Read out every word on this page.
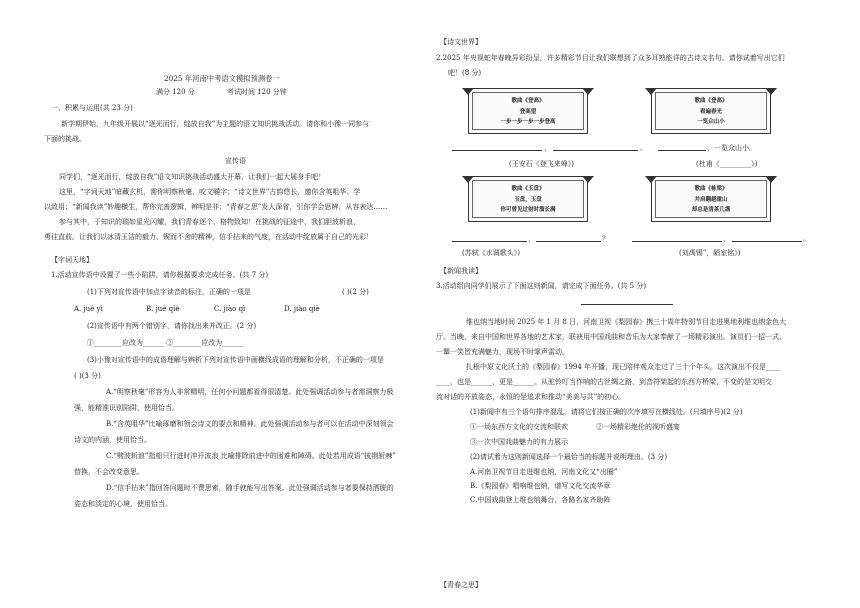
2025 年河南中考语文模拟预测卷一
满分 120 分	考试时间 120 分钟
一、积累与运用(共 23 分)
新学期伊始，九年级开展以“逐光而行，绽放自我”为主题的语文知识挑战活动。请你和小豫一同参与
下面的挑战。
宣传语
同学们，“逐光而行，绽放自我”语文知识挑战活动盛大开幕，让我们一起大展身手吧！
这里，“字词天地”暗藏玄机，需你明察秋毫、咬文嚼字；“诗文世界”古韵悠长，邀你含英咀华、学
以致用；“新闻我读”妙趣横生，帮你完善逻辑，辨明是非；“青春之思”发人深省，引你学会思辨，从容表达……
参与其中，于知识的瑞如星光闪耀，我们青春逐个、格物致知！在挑战的征途中，我们胆波斩浪，
勇往直前。让我们以冰清玉洁的毅力、锲而不舍的精神，信手拈来的气度，在活动中绽放属于自己的光彩！
【字词天地】
1.活动宣传语中设置了一些小陷阱，请你根据要求完成任务。(共 7 分)
(1)下列对宣传语中加点字读音的标注，正确的一项是	( )(2 分)
A. jué yì	B. jué qiè	C. jiào qì	D. jiào qiè
(2)宣传语中有两个错别字，请你找出来并改正。(2 分)
①________应改为______ ②________应改为______
(3)小豫对宣传语中的成语理解与辨析下列对宣传语中画横线成语的理解和分析，不正确的一项是
( )(3 分)
A.“明察秋毫”形容为人非常精明，任何小问题都看得很清楚。此处强调活动参与者需洞察力极
强，能精准识别陷阱，使用恰当。
B.“含英咀华”比喻琢磨和领会诗文的要点和精神。此处强调活动参与者可以在活动中深刻领会
诗文的内涵，使用恰当。
C.“劈波斩浪”指船只行进时冲开波浪 比喻排除前进中的困难和障碍。此处若用成语“披荆斩棘”
替换，不会改变意思。
D.“信手拈来”指回答问题时不费思索，随手就能写出答案。此处强调活动参与者要保持洒脱的
姿态和淡定的心境，使用恰当。
【诗文世界】
2.2025 年央视蛇年春晚异彩纷呈，许多精彩节目让我们联想到了众多耳熟能详的古诗文名句。请你试着写出它们
吧！(8 分)
歌曲《登高》
登高望
一步一步一步一步登高
歌曲《登高》
看遍春光
一览众山小
，	。	，一览众山小。
(王安石《登飞来峰》)	(杜甫《_________》)
歌曲《玉盘》
玉盘，玉盘
你可曾见过射时溜长满
歌曲《栋梁》
并肩翻越重山
却总是清茶几盏
，	？	，	。
(苏轼《水调歌头》)	(刘禹锡”，陋室铭》)
【新闻我读】
3.活动组向同学们展示了下面这则新闻，请完成下面任务。(共 5 分)
维也纳当地时间 2025 年 1 月 8 日，河南卫视《梨园春》携三十周年特别节目走进奥地利维也纳金色大
厅。当晚，来自中国和世界各地的艺术家，联袂用中国戏曲和音乐为大家奉献了一场精彩演出。演员们一招一式、
一颦一笑皆充满魅力，现场不时掌声雷动。
扎根中原文化沃土的《梨园春》1994 年开播，现已陪伴观众走过了三十个年头。这次演出不仅是____
____，也是______，更是______。从驼铃叮当作响的古丝绸之路，到音符架起的东西方桥梁，不变的是文明交
流对话的开放姿态，永恒的是追求和推动“美美与共”的初心。
(1)新闻中有三个语句排序混乱，请将它们按正确的次序填写在横线处。(只填序号)(2 分)
①一场东西方文化的交流和联欢	②一场精彩绝伦的视听盛宴
③一次中国戏曲魅力的有力展示
(2)请试着为这则新闻选择一个最恰当的标题并说明理由。(3 分)
A.河南卫视节目走进维也纳，河南文化又“出圈”
B.《梨园春》唱响维也纳，谱写文化交流华章
C.中国戏曲登上维也纳舞台，各路名家齐助阵
【青春之思】
